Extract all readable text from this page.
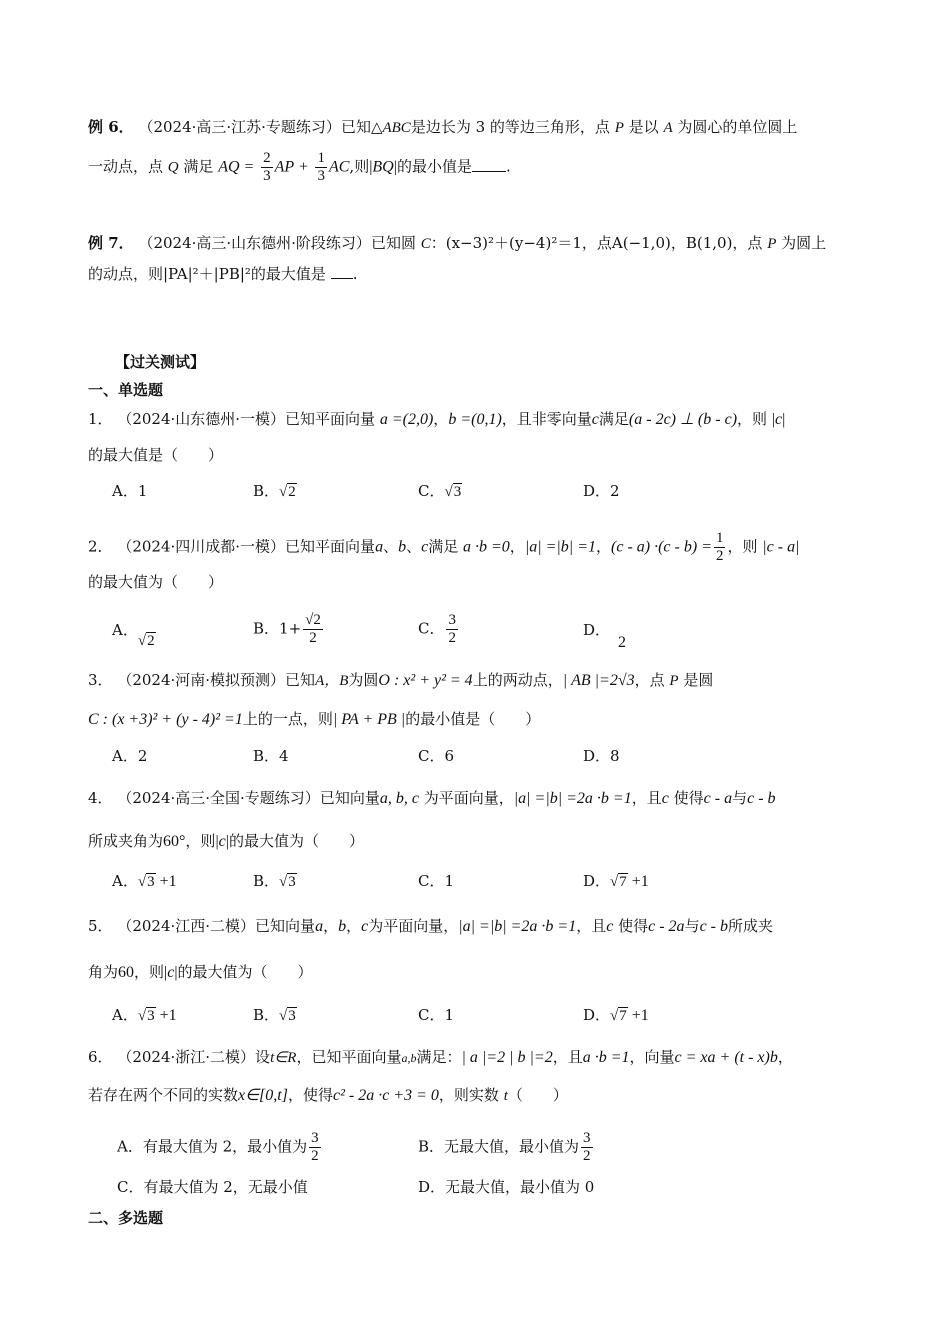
例 6． （2024·高三·江苏·专题练习）已知△ABC是边长为 3 的等边三角形，点 P 是以 A 为圆心的单位圆上
一动点，点 Q 满足 AQ = $\frac{2}{3}$ AP + $\frac{1}{3}$ AC,则|BQ|的最小值是 .
例 7． （2024·高三·山东德州·阶段练习）已知圆 C：(x−3)²＋(y−4)²＝1，点A(−1,0)，B(1,0)，点 P 为圆上
的动点，则|PA|²＋|PB|²的最大值是 .
【过关测试】
一、单选题
1． （2024·山东德州·一模）已知平面向量 a =(2,0)，b =(0,1)，且非零向量c满足(a - 2c) ⊥ (b - c)，则 |c|
的最大值是（　　）
A．1	B．√2	C．√3	D．2
2． （2024·四川成都·一模）已知平面向量a、b、c满足 a ·b =0，|a| =|b| =1，$(c - a) \cdot(c - b) = \frac{1}{2}$ ，则 |c - a|
的最大值为（　　）
A．√2
B．$1+ \frac{√2}{2}$	C． $\frac{3}{2}$	D．2
3． （2024·河南·模拟预测）已知A，B为圆O : x² + y² = 4上的两动点，| AB |=2√3，点 P 是圆
C : (x +3)² + (y - 4)² =1上的一点，则| PA + PB |的最小值是（　　）
A．2	B．4	C．6	D．8
4． （2024·高三·全国·专题练习）已知向量a, b, c 为平面向量，|a| =|b| =2a ·b =1，且c 使得c - a与c - b
所成夹角为60°，则|c|的最大值为（　　）
A．√3 +1	B．√3	C．1	D．√7 +1
5． （2024·江西·二模）已知向量a，b，c为平面向量，|a| =|b| =2a ·b =1，且c 使得c - 2a与c - b所成夹
角为60，则|c|的最大值为（　　）
A．√3 +1	B．√3	C．1	D．√7 +1
6． （2024·浙江·二模）设t∈R，已知平面向量a,b满足：| a |=2 | b |=2，且a ·b =1，向量c = xa + (t - x)b，
若存在两个不同的实数x∈[0,t]，使得c² - 2a ·c +3 = 0，则实数 t（　　）
A．有最大值为 2，最小值为 $\frac{3}{2}$	B．无最大值，最小值为 $\frac{3}{2}$
C．有最大值为 2，无最小值	D．无最大值，最小值为 0
二、多选题
